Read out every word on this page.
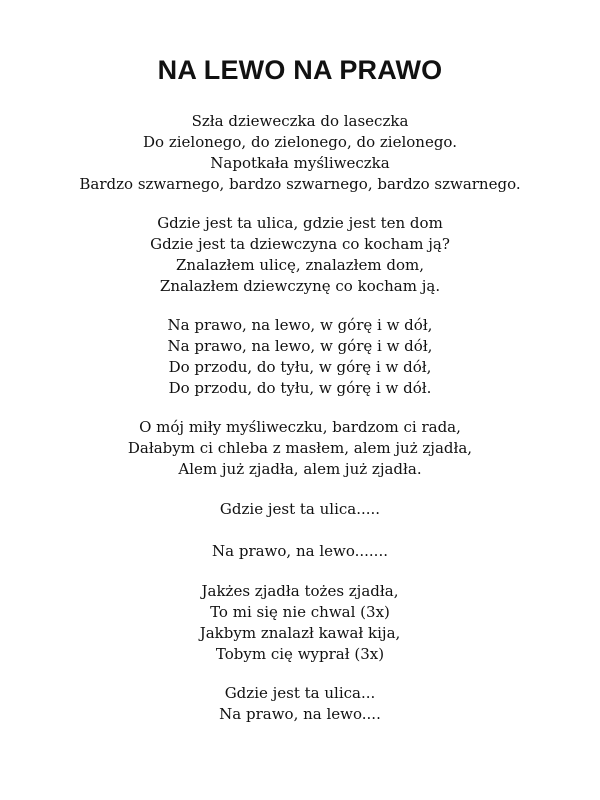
NA LEWO NA PRAWO
Szła dzieweczka do laseczka
Do zielonego, do zielonego, do zielonego.
Napotkała myśliweczka
Bardzo szwarnego, bardzo szwarnego, bardzo szwarnego.
Gdzie jest ta ulica, gdzie jest ten dom
Gdzie jest ta dziewczyna co kocham ją?
Znalazłem ulicę, znalazłem dom,
Znalazłem dziewczynę co kocham ją.
Na prawo, na lewo, w górę i w dół,
Na prawo, na lewo, w górę i w dół,
Do przodu, do tyłu, w górę i w dół,
Do przodu, do tyłu, w górę i w dół.
O mój miły myśliweczku, bardzom ci rada,
Dałabym ci chleba z masłem, alem już zjadła,
Alem już zjadła, alem już zjadła.
Gdzie jest ta ulica.....
Na prawo, na lewo.......
Jakżes zjadła tożes zjadła,
To mi się nie chwal (3x)
Jakbym znalazł kawał kija,
Tobym cię wyprał (3x)
Gdzie jest ta ulica...
Na prawo, na lewo....
